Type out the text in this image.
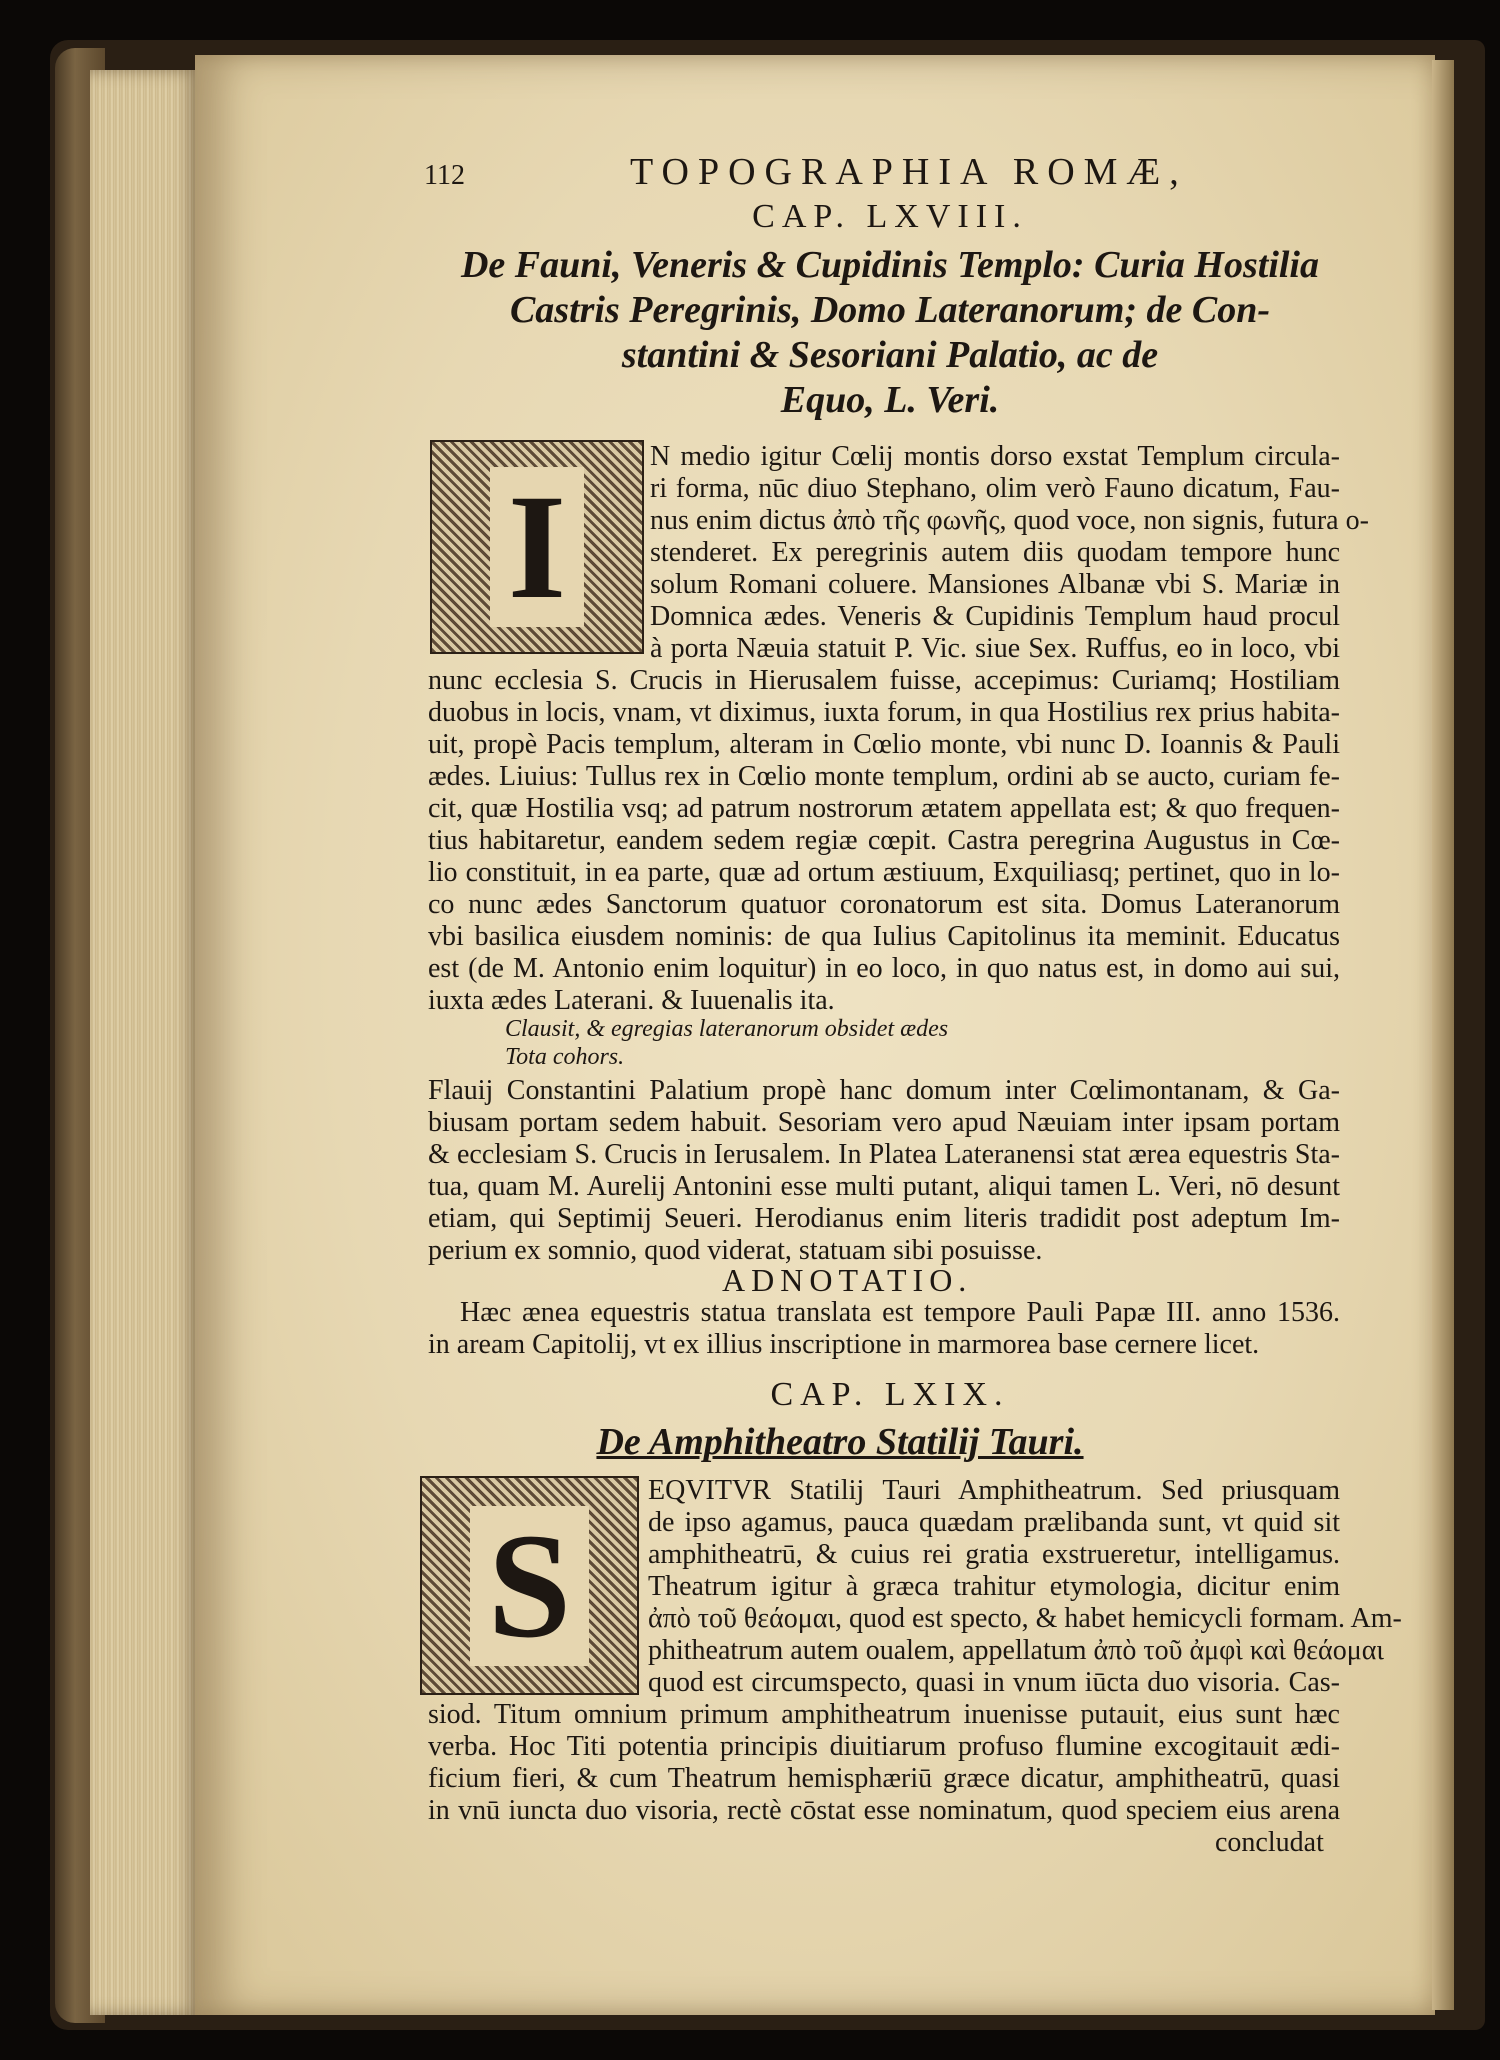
112	TOPOGRAPHIA ROMÆ,
CAP. LXVIII.
De Fauni, Veneris & Cupidinis Templo: Curia Hostilia
Castris Peregrinis, Domo Lateranorum; de Con-
stantini & Sesoriani Palatio, ac de
Equo, L. Veri.
I
N medio igitur Cœlij montis dorso exstat Templum circula-
ri forma, nūc diuo Stephano, olim verò Fauno dicatum, Fau-
nus enim dictus ἀπὸ τῆς φωνῆς, quod voce, non signis, futura o-
stenderet. Ex peregrinis autem diis quodam tempore hunc
solum Romani coluere. Mansiones Albanæ vbi S. Mariæ in
Domnica ædes. Veneris & Cupidinis Templum haud procul
à porta Næuia statuit P. Vic. siue Sex. Ruffus, eo in loco, vbi
nunc ecclesia S. Crucis in Hierusalem fuisse, accepimus: Curiamq; Hostiliam
duobus in locis, vnam, vt diximus, iuxta forum, in qua Hostilius rex prius habita-
uit, propè Pacis templum, alteram in Cœlio monte, vbi nunc D. Ioannis & Pauli
ædes. Liuius: Tullus rex in Cœlio monte templum, ordini ab se aucto, curiam fe-
cit, quæ Hostilia vsq; ad patrum nostrorum ætatem appellata est; & quo frequen-
tius habitaretur, eandem sedem regiæ cœpit. Castra peregrina Augustus in Cœ-
lio constituit, in ea parte, quæ ad ortum æstiuum, Exquiliasq; pertinet, quo in lo-
co nunc ædes Sanctorum quatuor coronatorum est sita. Domus Lateranorum
vbi basilica eiusdem nominis: de qua Iulius Capitolinus ita meminit. Educatus
est (de M. Antonio enim loquitur) in eo loco, in quo natus est, in domo aui sui,
iuxta ædes Laterani. & Iuuenalis ita.
Clausit, & egregias lateranorum obsidet ædes
Tota cohors.
Flauij Constantini Palatium propè hanc domum inter Cœlimontanam, & Ga-
biusam portam sedem habuit. Sesoriam vero apud Næuiam inter ipsam portam
& ecclesiam S. Crucis in Ierusalem. In Platea Lateranensi stat ærea equestris Sta-
tua, quam M. Aurelij Antonini esse multi putant, aliqui tamen L. Veri, nō desunt
etiam, qui Septimij Seueri. Herodianus enim literis tradidit post adeptum Im-
perium ex somnio, quod viderat, statuam sibi posuisse.
ADNOTATIO.
Hæc ænea equestris statua translata est tempore Pauli Papæ III. anno 1536.
in aream Capitolij, vt ex illius inscriptione in marmorea base cernere licet.
CAP. LXIX.
De Amphitheatro Statilij Tauri.
S
EQVITVR Statilij Tauri Amphitheatrum. Sed priusquam
de ipso agamus, pauca quædam prælibanda sunt, vt quid sit
amphitheatrū, & cuius rei gratia exstrueretur, intelligamus.
Theatrum igitur à græca trahitur etymologia, dicitur enim
ἀπὸ τοῦ θεάομαι, quod est specto, & habet hemicycli formam. Am-
phitheatrum autem oualem, appellatum ἀπὸ τοῦ ἀμφὶ καὶ θεάομαι
quod est circumspecto, quasi in vnum iūcta duo visoria. Cas-
siod. Titum omnium primum amphitheatrum inuenisse putauit, eius sunt hæc
verba. Hoc Titi potentia principis diuitiarum profuso flumine excogitauit ædi-
ficium fieri, & cum Theatrum hemisphæriū græce dicatur, amphitheatrū, quasi
in vnū iuncta duo visoria, rectè cōstat esse nominatum, quod speciem eius arena
concludat
